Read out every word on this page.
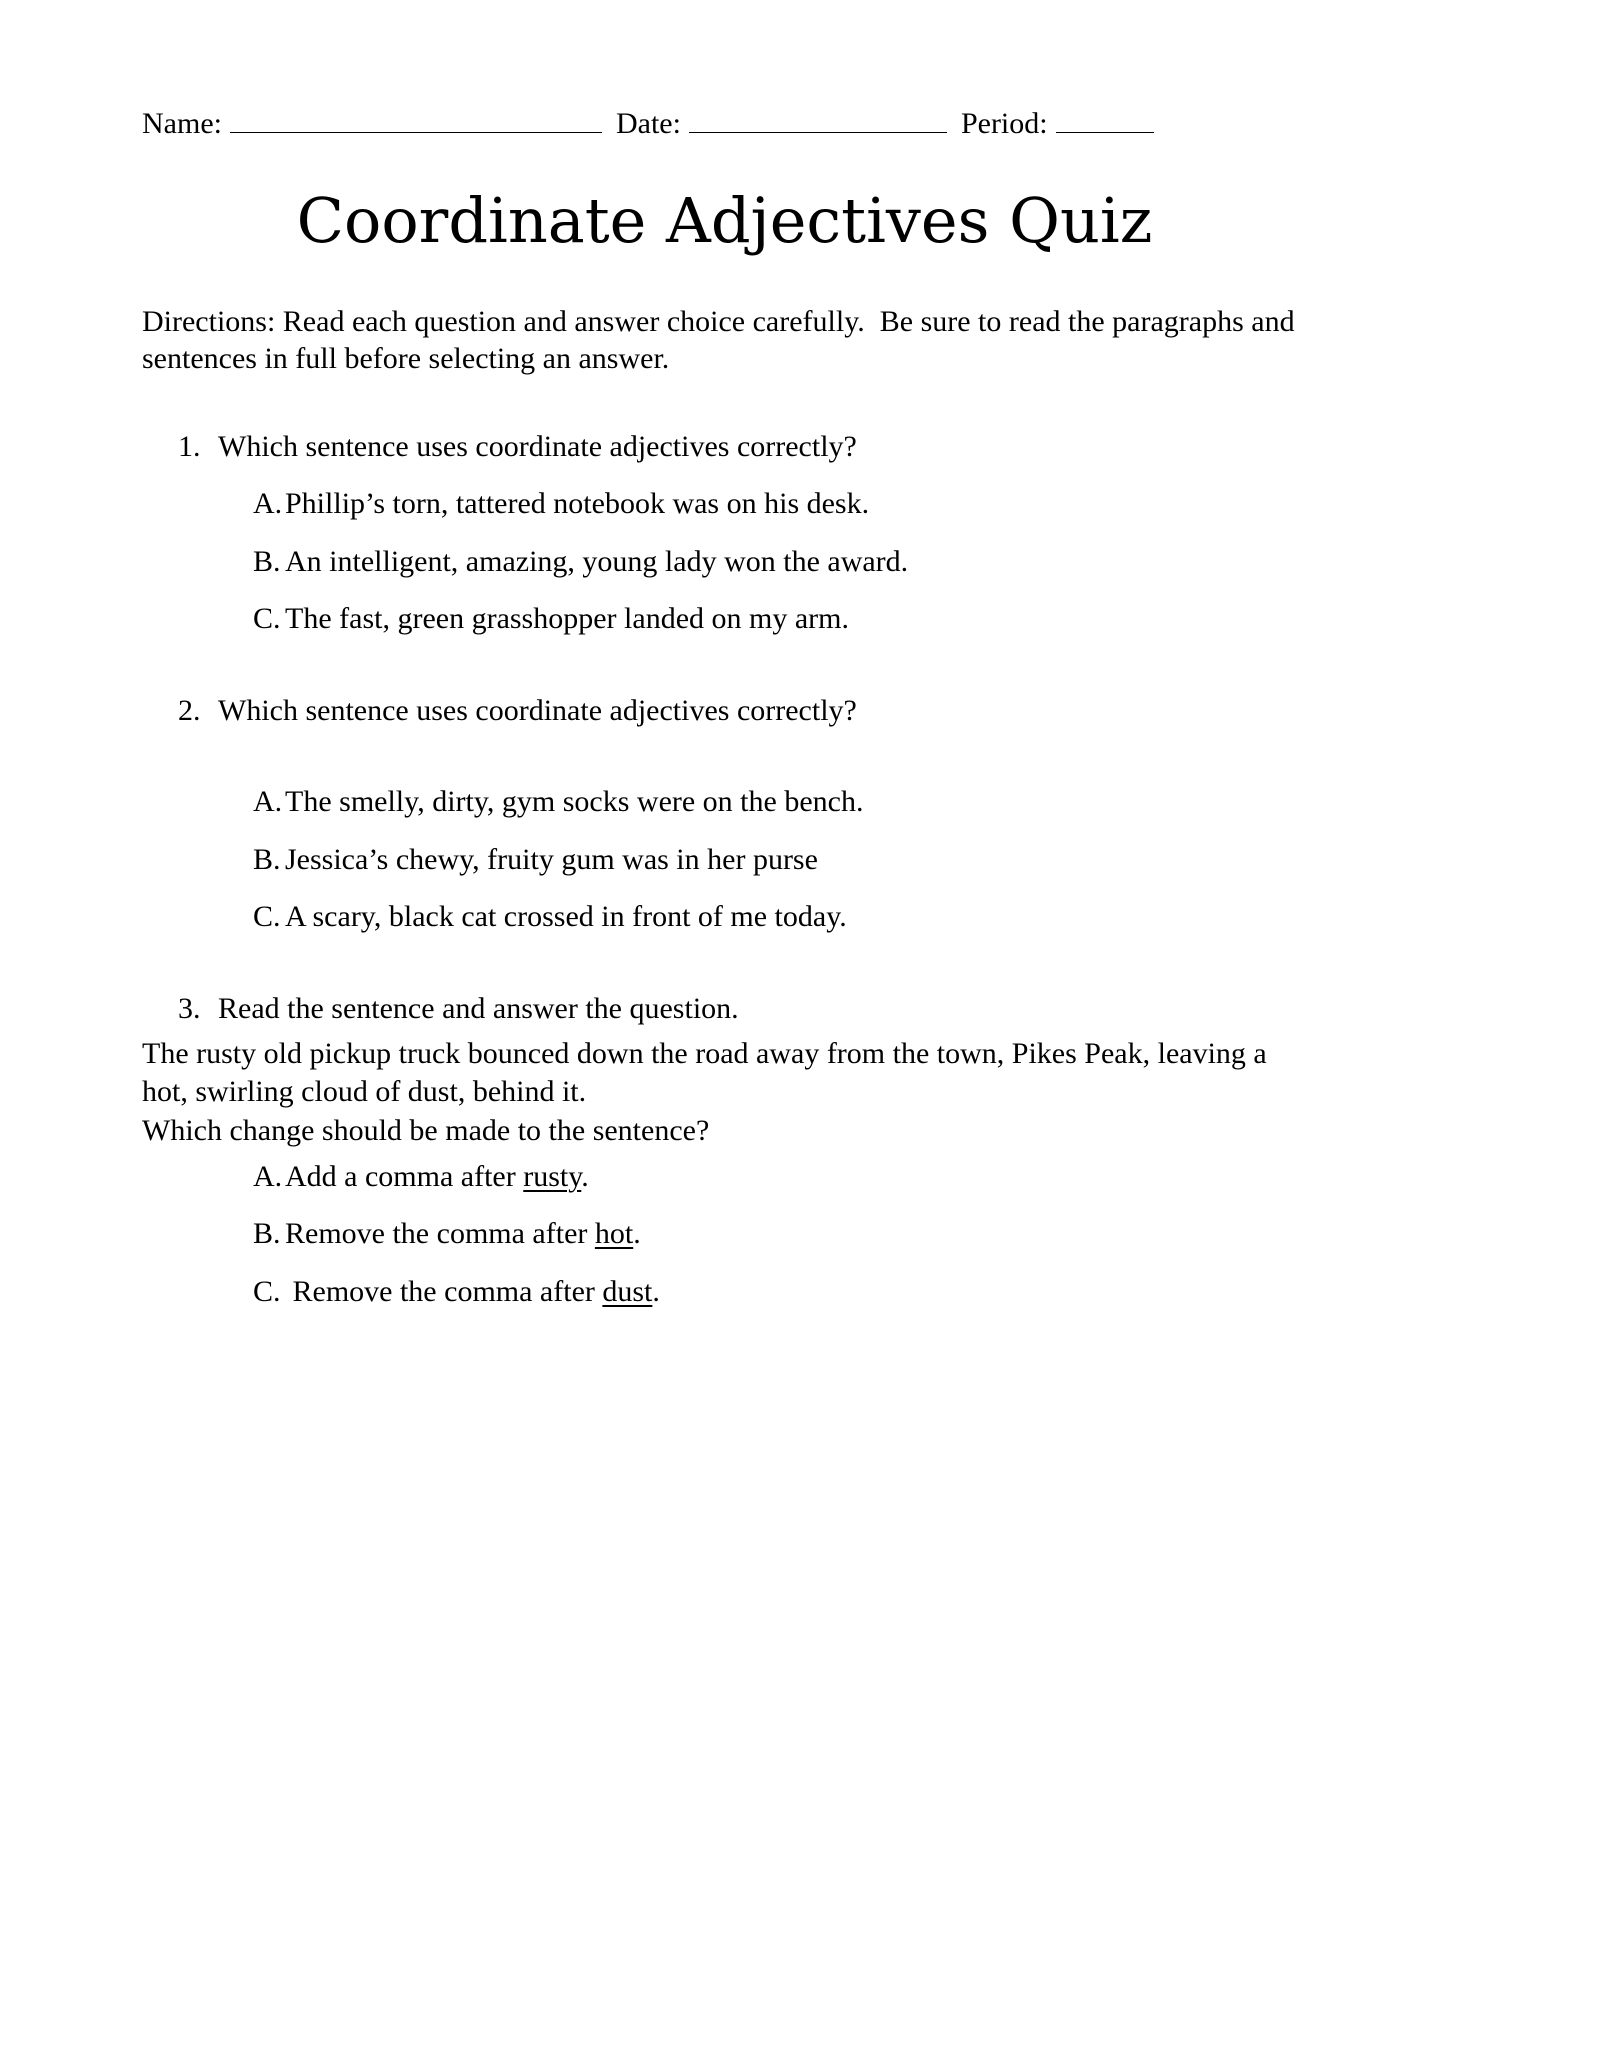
Name:	Date:	Period:
Coordinate Adjectives Quiz

Directions: Read each question and answer choice carefully.  Be sure to read the paragraphs and sentences in full before selecting an answer.

1. Which sentence uses coordinate adjectives correctly?
A. Phillip’s torn, tattered notebook was on his desk.
B. An intelligent, amazing, young lady won the award.
C. The fast, green grasshopper landed on my arm.
2. Which sentence uses coordinate adjectives correctly?
A. The smelly, dirty, gym socks were on the bench.
B. Jessica’s chewy, fruity gum was in her purse
C. A scary, black cat crossed in front of me today.
3. Read the sentence and answer the question.

The rusty old pickup truck bounced down the road away from the town, Pikes Peak, leaving a hot, swirling cloud of dust, behind it.

Which change should be made to the sentence?

A. Add a comma after rusty.
B. Remove the comma after hot.
C. Remove the comma after dust.
